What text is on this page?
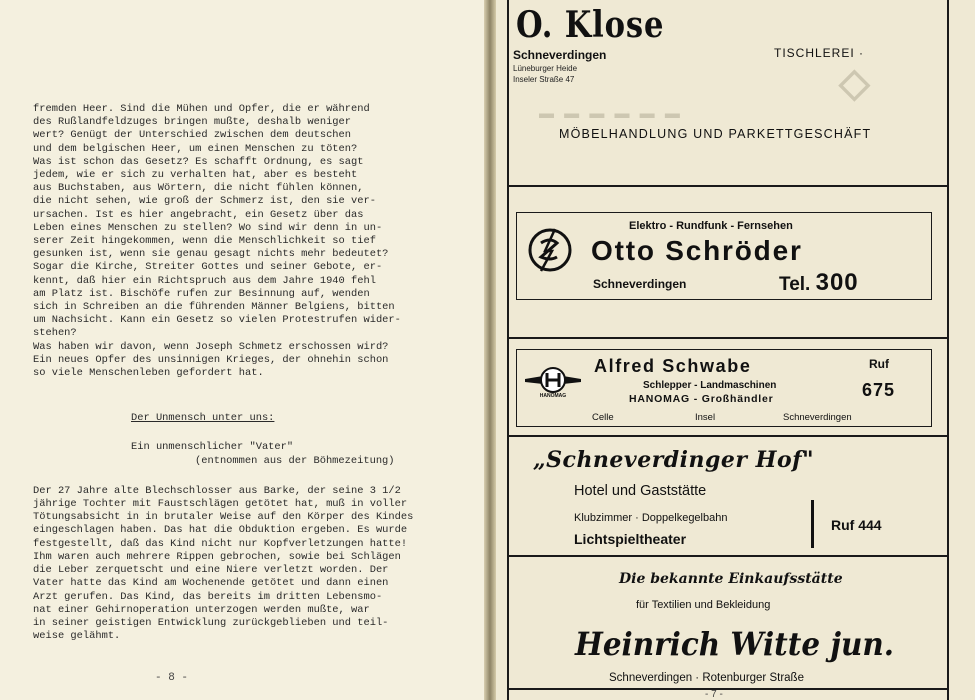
fremden Heer. Sind die Mühen und Opfer, die er während

des Rußlandfeldzuges bringen mußte, deshalb weniger

wert? Genügt der Unterschied zwischen dem deutschen

und dem belgischen Heer, um einen Menschen zu töten?

Was ist schon das Gesetz? Es schafft Ordnung, es sagt

jedem, wie er sich zu verhalten hat, aber es besteht

aus Buchstaben, aus Wörtern, die nicht fühlen können,

die nicht sehen, wie groß der Schmerz ist, den sie ver-

ursachen. Ist es hier angebracht, ein Gesetz über das

Leben eines Menschen zu stellen? Wo sind wir denn in un-

serer Zeit hingekommen, wenn die Menschlichkeit so tief

gesunken ist, wenn sie genau gesagt nichts mehr bedeutet?

Sogar die Kirche, Streiter Gottes und seiner Gebote, er-

kennt, daß hier ein Richtspruch aus dem Jahre 1940 fehl

am Platz ist. Bischöfe rufen zur Besinnung auf, wenden

sich in Schreiben an die führenden Männer Belgiens, bitten

um Nachsicht. Kann ein Gesetz so vielen Protestrufen wider-

stehen?

Was haben wir davon, wenn Joseph Schmetz erschossen wird?

Ein neues Opfer des unsinnigen Krieges, der ohnehin schon

so viele Menschenleben gefordert hat.

Der Unmensch unter uns:

Ein unmenschlicher "Vater"

(entnommen aus der Böhmezeitung)

Der 27 Jahre alte Blechschlosser aus Barke, der seine 3 1/2

jährige Tochter mit Faustschlägen getötet hat, muß in voller

Tötungsabsicht in in brutaler Weise auf den Körper des Kindes

eingeschlagen haben. Das hat die Obduktion ergeben. Es wurde

festgestellt, daß das Kind nicht nur Kopfverletzungen hatte!

Ihm waren auch mehrere Rippen gebrochen, sowie bei Schlägen

die Leber zerquetscht und eine Niere verletzt worden. Der

Vater hatte das Kind am Wochenende getötet und dann einen

Arzt gerufen. Das Kind, das bereits im dritten Lebensmo-

nat einer Gehirnoperation unterzogen werden mußte, war

in seiner geistigen Entwicklung zurückgeblieben und teil-

weise gelähmt.

- 8 -
▬ ▬ ▬ ▬ ▬ ▬
◇
O. Klose
Schneverdingen
Lüneburger Heide
Inseler Straße 47
TISCHLEREI ·
MÖBELHANDLUNG UND PARKETTGESCHÄFT
Elektro - Rundfunk - Fernsehen
Otto Schröder
Schneverdingen	Tel. 300
HANOMAG
Alfred Schwabe	Ruf
675
Schlepper - Landmaschinen
HANOMAG - Großhändler
Celle	Insel	Schneverdingen
„Schneverdinger Hof"
Hotel und Gaststätte
Klubzimmer · Doppelkegelbahn
Lichtspieltheater
Ruf 444
Die bekannte Einkaufsstätte
für Textilien und Bekleidung
Heinrich Witte jun.
Schneverdingen · Rotenburger Straße
- 7 -
